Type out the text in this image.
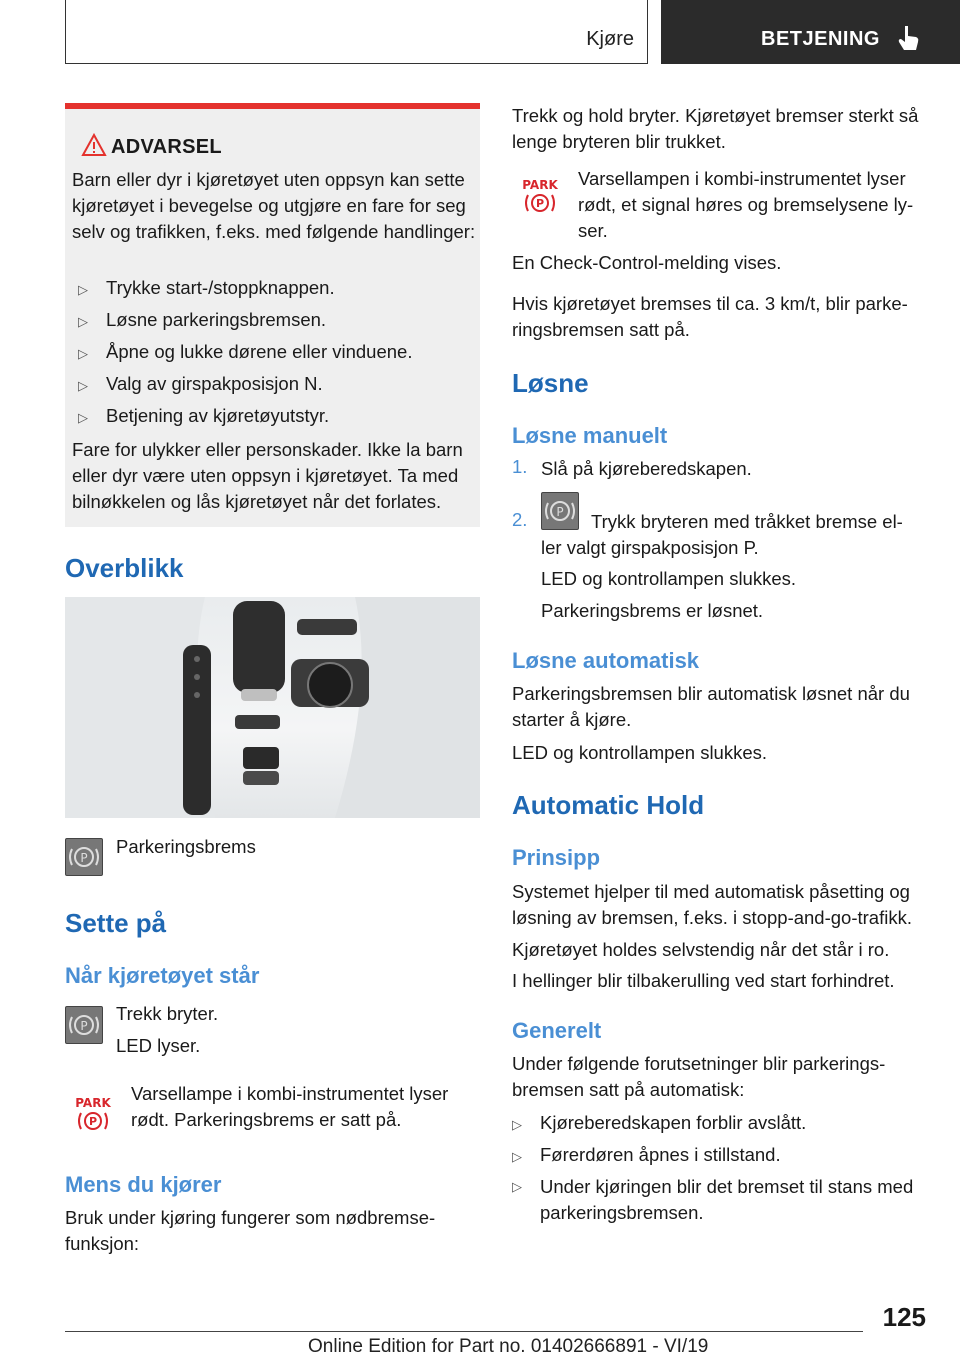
Kjøre	BETJENING
ADVARSEL
Barn eller dyr i kjøretøyet uten oppsyn kan sette kjøretøyet i bevegelse og utgjøre en fare for seg selv og trafikken, f.eks. med følgende handlinger:
▷ Trykke start-/stoppknappen.
▷ Løsne parkeringsbremsen.
▷ Åpne og lukke dørene eller vinduene.
▷ Valg av girspakposisjon N.
▷ Betjening av kjøretøyutstyr.
Fare for ulykker eller personskader. Ikke la barn eller dyr være uten oppsyn i kjøretøyet. Ta med bilnøkkelen og lås kjøretøyet når det forlates.
Overblikk
P
Parkeringsbrems
Sette på
Når kjøretøyet står
P
Trekk bryter.
LED lyser.
PARK
P
Varsellampe i kombi-instrumentet lyser rødt. Parkeringsbrems er satt på.
Mens du kjører
Bruk under kjøring fungerer som nødbremse-funksjon:
Trekk og hold bryter. Kjøretøyet bremser sterkt så lenge bryteren blir trukket.
PARK
P
Varsellampen i kombi-instrumentet lyser rødt, et signal høres og bremselysene ly-ser.
En Check-Control-melding vises.
Hvis kjøretøyet bremses til ca. 3 km/t, blir parke-ringsbremsen satt på.
Løsne
Løsne manuelt
1. Slå på kjøreberedskapen.
2. P Trykk bryteren med tråkket bremse el-
ler valgt girspakposisjon P.
LED og kontrollampen slukkes.
Parkeringsbrems er løsnet.
Løsne automatisk
Parkeringsbremsen blir automatisk løsnet når du starter å kjøre.
LED og kontrollampen slukkes.
Automatic Hold
Prinsipp
Systemet hjelper til med automatisk påsetting og løsning av bremsen, f.eks. i stopp-and-go-trafikk.
Kjøretøyet holdes selvstendig når det står i ro.
I hellinger blir tilbakerulling ved start forhindret.
Generelt
Under følgende forutsetninger blir parkerings-bremsen satt på automatisk:
▷ Kjøreberedskapen forblir avslått.
▷ Førerdøren åpnes i stillstand.
▷ Under kjøringen blir det bremset til stans med parkeringsbremsen.
125
Online Edition for Part no. 01402666891 - VI/19
